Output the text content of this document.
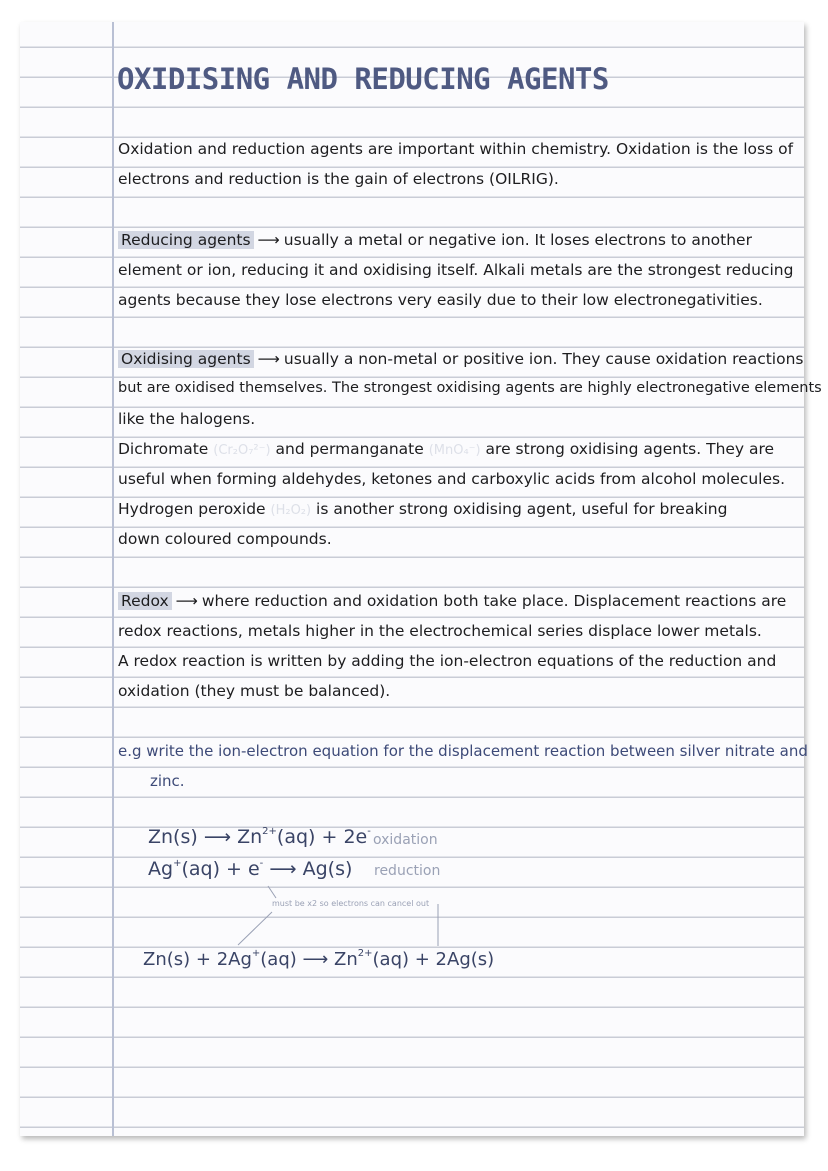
OXIDISING AND REDUCING AGENTS
Oxidation and reduction agents are important within chemistry. Oxidation is the loss of
electrons and reduction is the gain of electrons (OILRIG).
Reducing agents ⟶ usually a metal or negative ion. It loses electrons to another
element or ion, reducing it and oxidising itself. Alkali metals are the strongest reducing
agents because they lose electrons very easily due to their low electronegativities.
Oxidising agents ⟶ usually a non-metal or positive ion. They cause oxidation reactions
but are oxidised themselves. The strongest oxidising agents are highly electronegative elements
like the halogens.
Dichromate (Cr₂O₇²⁻) and permanganate (MnO₄⁻) are strong oxidising agents. They are
useful when forming aldehydes, ketones and carboxylic acids from alcohol molecules.
Hydrogen peroxide (H₂O₂) is another strong oxidising agent, useful for breaking
down coloured compounds.
Redox ⟶ where reduction and oxidation both take place. Displacement reactions are
redox reactions, metals higher in the electrochemical series displace lower metals.
A redox reaction is written by adding the ion-electron equations of the reduction and
oxidation (they must be balanced).
e.g write the ion-electron equation for the displacement reaction between silver nitrate and
zinc.
Zn(s) ⟶ $Zn^{2+}(aq) + 2e^-$
oxidation
Ag+(aq) + e- ⟶ Ag(s) reduction
must be x2 so electrons can cancel out
Zn(s) + 2Ag+(aq) ⟶ $Zn^{2+}(aq) + 2Ag(s)$
